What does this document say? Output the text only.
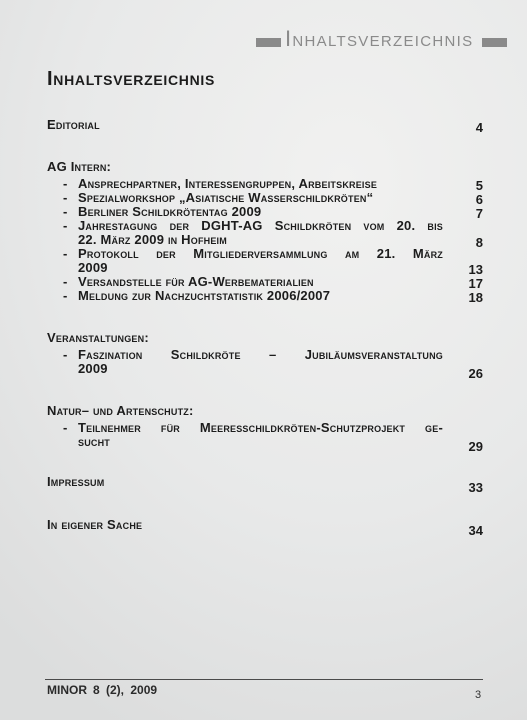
Inhaltsverzeichnis
Inhaltsverzeichnis
Editorial	4
AG Intern:
- Ansprechpartner, Interessengruppen, Arbeitskreise	5
- Spezialworkshop „Asiatische Wasserschildkröten“	6
- Berliner Schildkrötentag 2009	7
- Jahrestagung der DGHT-AG Schildkröten vom 20. bis
22. März 2009 in Hofheim	8
- Protokoll der Mitgliederversammlung am 21. März
2009	13
- Versandstelle für AG-Werbematerialien	17
- Meldung zur Nachzuchtstatistik 2006/2007	18
Veranstaltungen:
- Faszination Schildkröte – Jubiläumsveranstaltung
2009	26
Natur– und Artenschutz:
- Teilnehmer für Meeresschildkröten-Schutzprojekt ge-
sucht	29
Impressum	33
In eigener Sache	34
MINOR 8 (2), 2009	3
